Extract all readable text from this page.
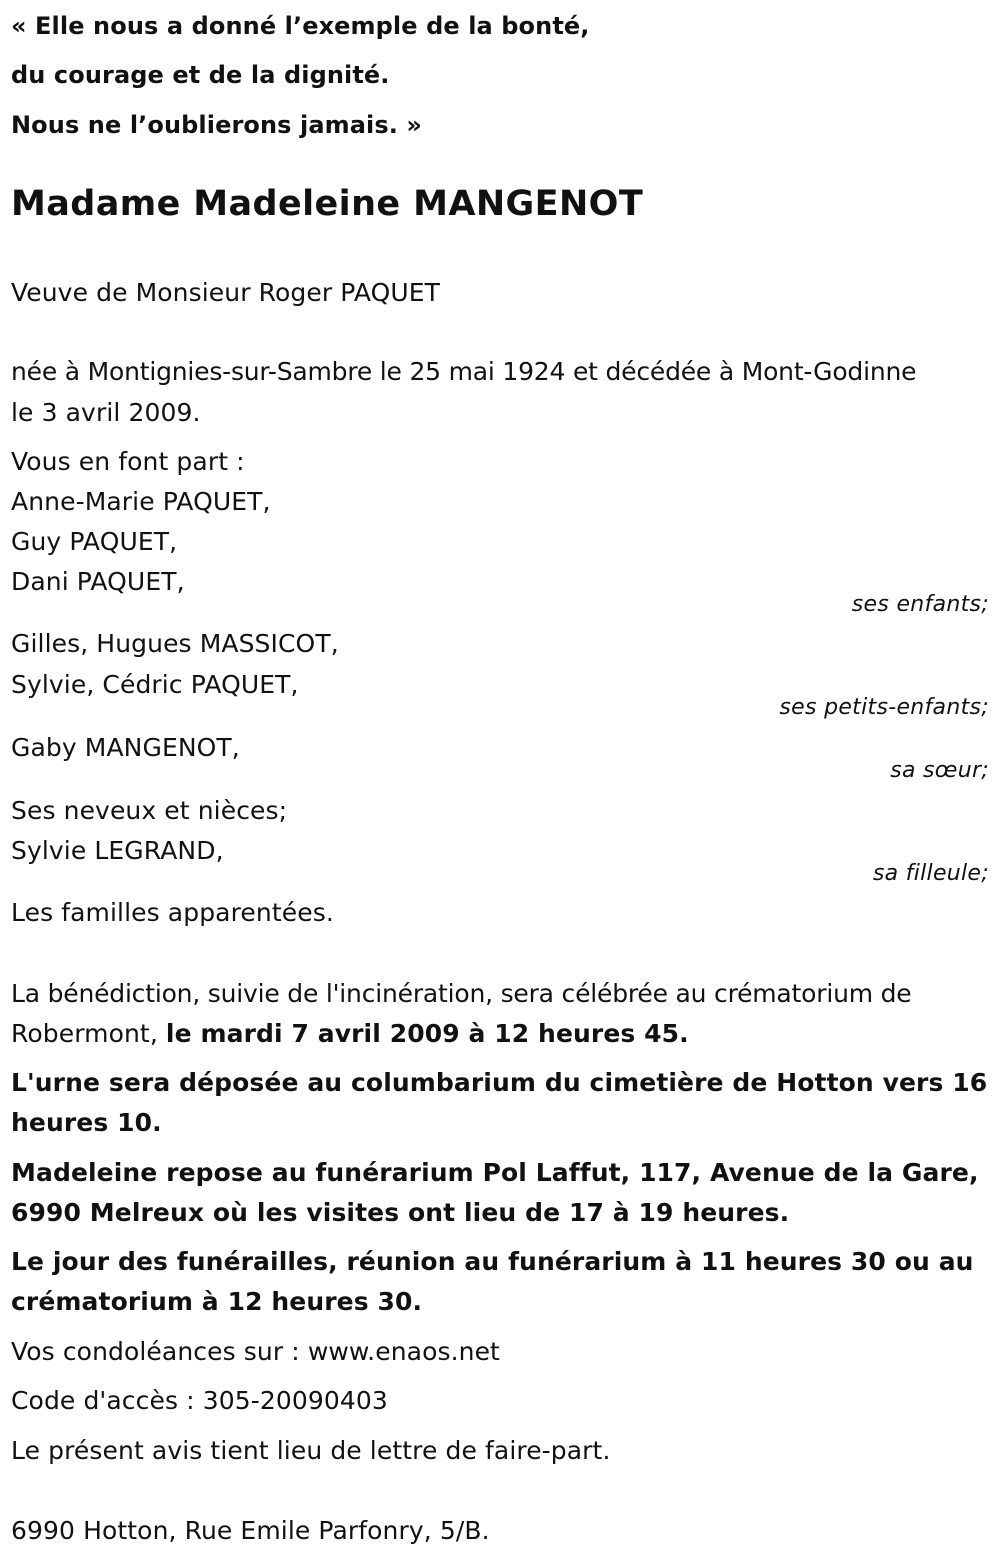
« Elle nous a donné l’exemple de la bonté,
du courage et de la dignité.
Nous ne l’oublierons jamais. »
Madame Madeleine MANGENOT
Veuve de Monsieur Roger PAQUET
née à Montignies-sur-Sambre le 25 mai 1924 et décédée à Mont-Godinne
le 3 avril 2009.
Vous en font part :
Anne-Marie PAQUET,
Guy PAQUET,
Dani PAQUET,
ses enfants;
Gilles, Hugues MASSICOT,
Sylvie, Cédric PAQUET,
ses petits-enfants;
Gaby MANGENOT,
sa sœur;
Ses neveux et nièces;
Sylvie LEGRAND,
sa filleule;
Les familles apparentées.
La bénédiction, suivie de l'incinération, sera célébrée au crématorium de
Robermont, le mardi 7 avril 2009 à 12 heures 45.
L'urne sera déposée au columbarium du cimetière de Hotton vers 16
heures 10.
Madeleine repose au funérarium Pol Laffut, 117, Avenue de la Gare,
6990 Melreux où les visites ont lieu de 17 à 19 heures.
Le jour des funérailles, réunion au funérarium à 11 heures 30 ou au
crématorium à 12 heures 30.
Vos condoléances sur : www.enaos.net
Code d'accès : 305-20090403
Le présent avis tient lieu de lettre de faire-part.
6990 Hotton, Rue Emile Parfonry, 5/B.
